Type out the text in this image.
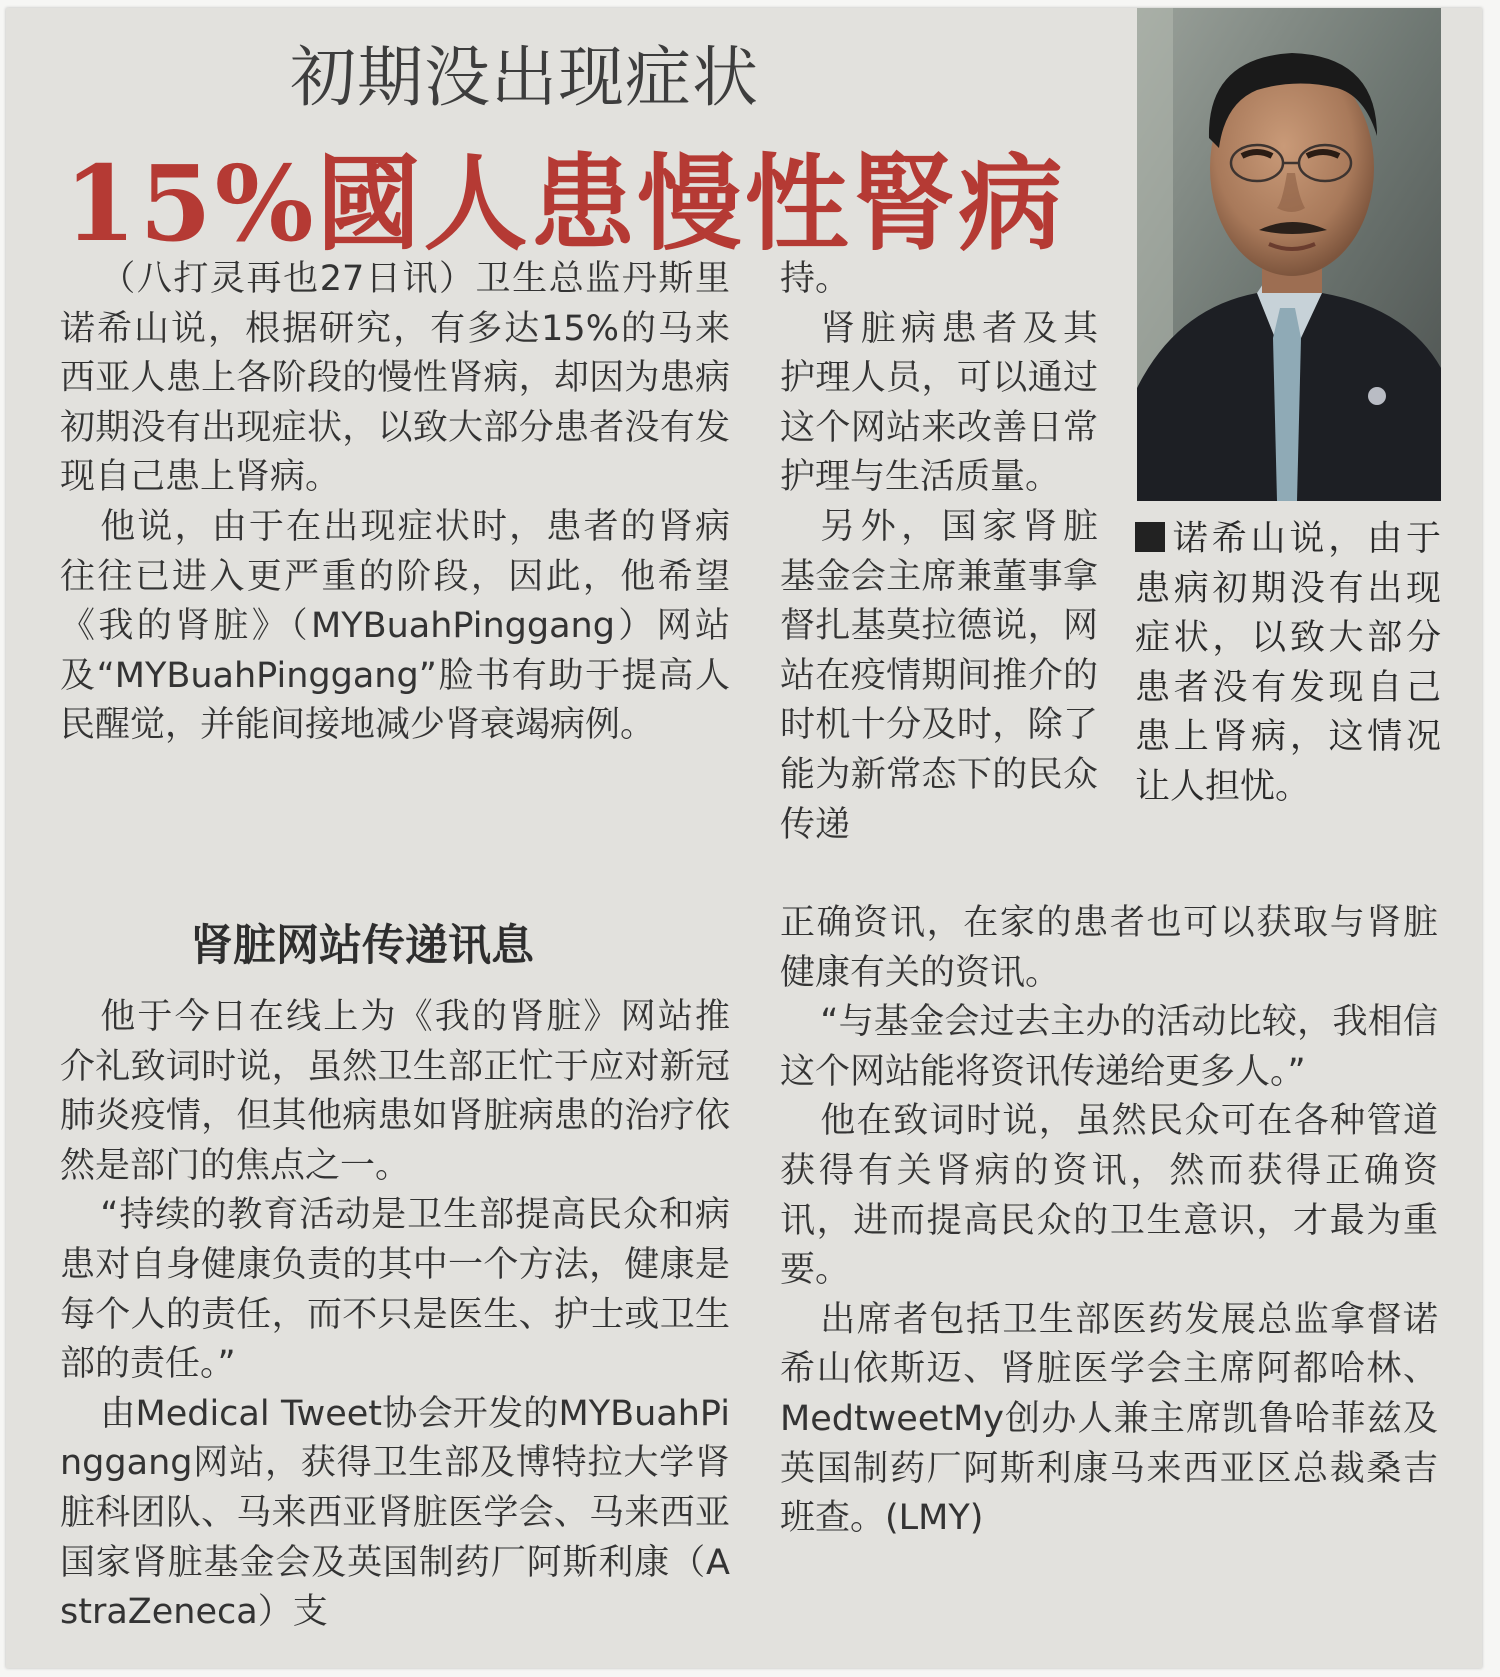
初期没出现症状
15%國人患慢性腎病

（八打灵再也27日讯）卫生总监丹斯里诺希山说，根据研究，有多达15%的马来西亚人患上各阶段的慢性肾病，却因为患病初期没有出现症状，以致大部分患者没有发现自己患上肾病。

他说，由于在出现症状时，患者的肾病往往已进入更严重的阶段，因此，他希望《我的肾脏》（MYBuahPinggang）网站及“MYBuahPinggang”脸书有助于提高人民醒觉，并能间接地减少肾衰竭病例。

肾脏网站传递讯息

他于今日在线上为《我的肾脏》网站推介礼致词时说，虽然卫生部正忙于应对新冠肺炎疫情，但其他病患如肾脏病患的治疗依然是部门的焦点之一。

“持续的教育活动是卫生部提高民众和病患对自身健康负责的其中一个方法，健康是每个人的责任，而不只是医生、护士或卫生部的责任。”

由Medical Tweet协会开发的MYBuahPinggang网站，获得卫生部及博特拉大学肾脏科团队、马来西亚肾脏医学会、马来西亚国家肾脏基金会及英国制药厂阿斯利康（AstraZeneca）支

持。

肾脏病患者及其护理人员，可以通过这个网站来改善日常护理与生活质量。

另外，国家肾脏基金会主席兼董事拿督扎基莫拉德说，网站在疫情期间推介的时机十分及时，除了能为新常态下的民众传递

正确资讯，在家的患者也可以获取与肾脏健康有关的资讯。

“与基金会过去主办的活动比较，我相信这个网站能将资讯传递给更多人。”

他在致词时说，虽然民众可在各种管道获得有关肾病的资讯，然而获得正确资讯，进而提高民众的卫生意识，才最为重要。

出席者包括卫生部医药发展总监拿督诺希山依斯迈、肾脏医学会主席阿都哈林、MedtweetMy创办人兼主席凯鲁哈菲兹及英国制药厂阿斯利康马来西亚区总裁桑吉班查。(LMY)

诺希山说，由于患病初期没有出现症状，以致大部分患者没有发现自己患上肾病，这情况让人担忧。
